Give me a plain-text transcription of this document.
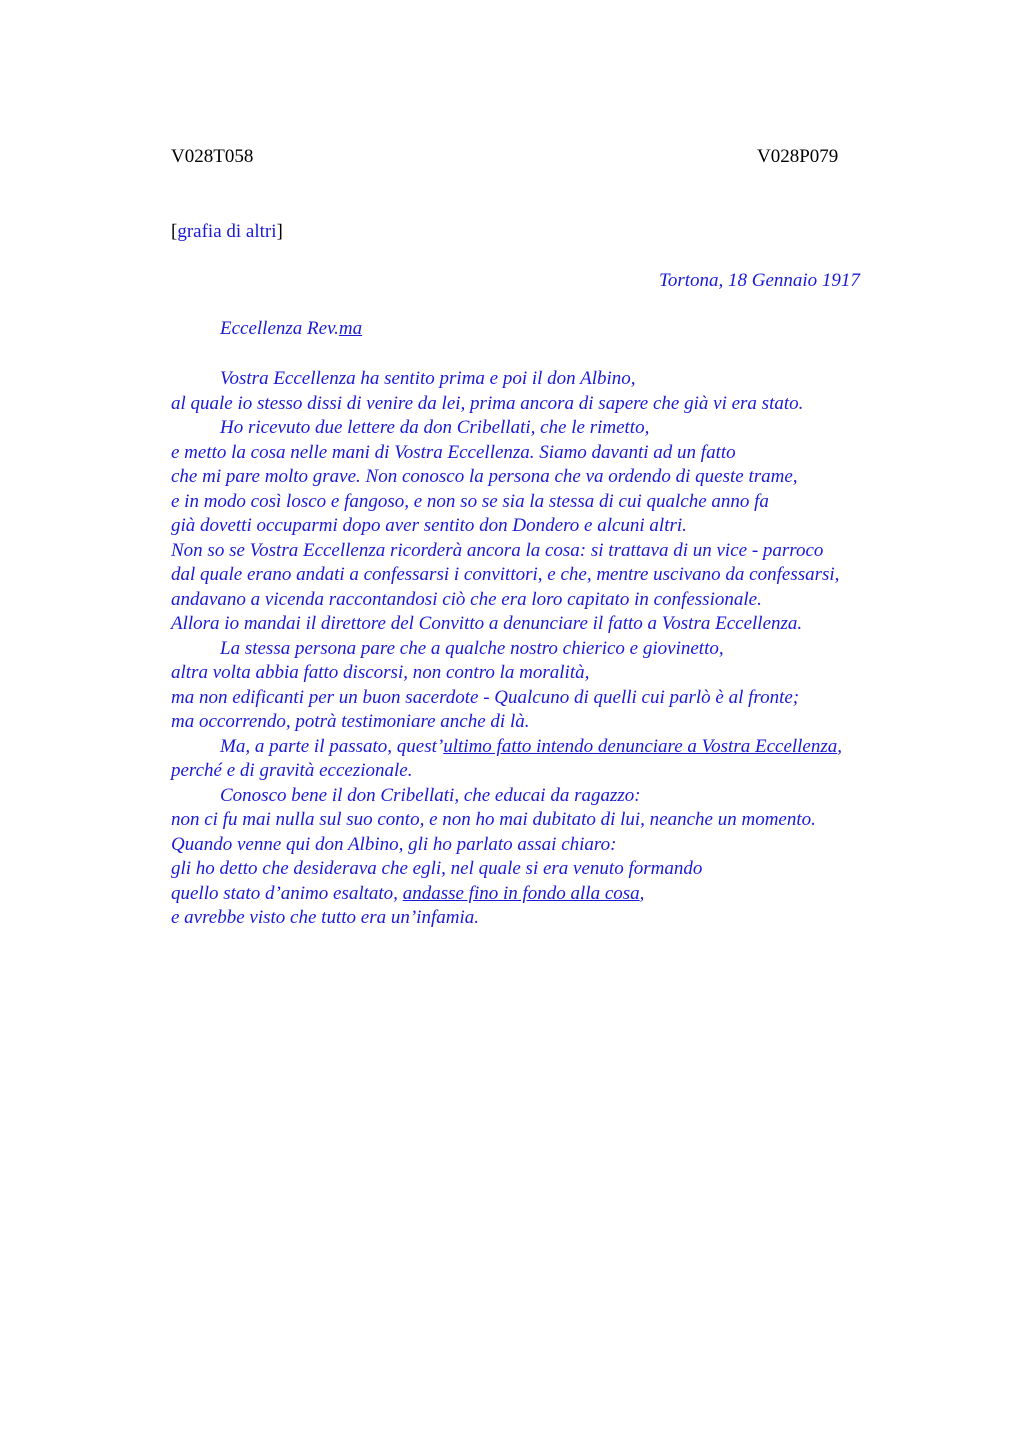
V028T058	V028P079
[grafia di altri]
Tortona, 18 Gennaio 1917
Eccellenza Rev.ma
Vostra Eccellenza ha sentito prima e poi il don Albino,
al quale io stesso dissi di venire da lei, prima ancora di sapere che già vi era stato.
Ho ricevuto due lettere da don Cribellati, che le rimetto,
e metto la cosa nelle mani di Vostra Eccellenza. Siamo davanti ad un fatto
che mi pare molto grave. Non conosco la persona che va ordendo di queste trame,
e in modo così losco e fangoso, e non so se sia la stessa di cui qualche anno fa
già dovetti occuparmi dopo aver sentito don Dondero e alcuni altri.
Non so se Vostra Eccellenza ricorderà ancora la cosa: si trattava di un vice - parroco
dal quale erano andati a confessarsi i convittori, e che, mentre uscivano da confessarsi,
andavano a vicenda raccontandosi ciò che era loro capitato in confessionale.
Allora io mandai il direttore del Convitto a denunciare il fatto a Vostra Eccellenza.
La stessa persona pare che a qualche nostro chierico e giovinetto,
altra volta abbia fatto discorsi, non contro la moralità,
ma non edificanti per un buon sacerdote - Qualcuno di quelli cui parlò è al fronte;
ma occorrendo, potrà testimoniare anche di là.
Ma, a parte il passato, quest’ultimo fatto intendo denunciare a Vostra Eccellenza,
perché e di gravità eccezionale.
Conosco bene il don Cribellati, che educai da ragazzo:
non ci fu mai nulla sul suo conto, e non ho mai dubitato di lui, neanche un momento.
Quando venne qui don Albino, gli ho parlato assai chiaro:
gli ho detto che desiderava che egli, nel quale si era venuto formando
quello stato d’animo esaltato, andasse fino in fondo alla cosa,
e avrebbe visto che tutto era un’infamia.
